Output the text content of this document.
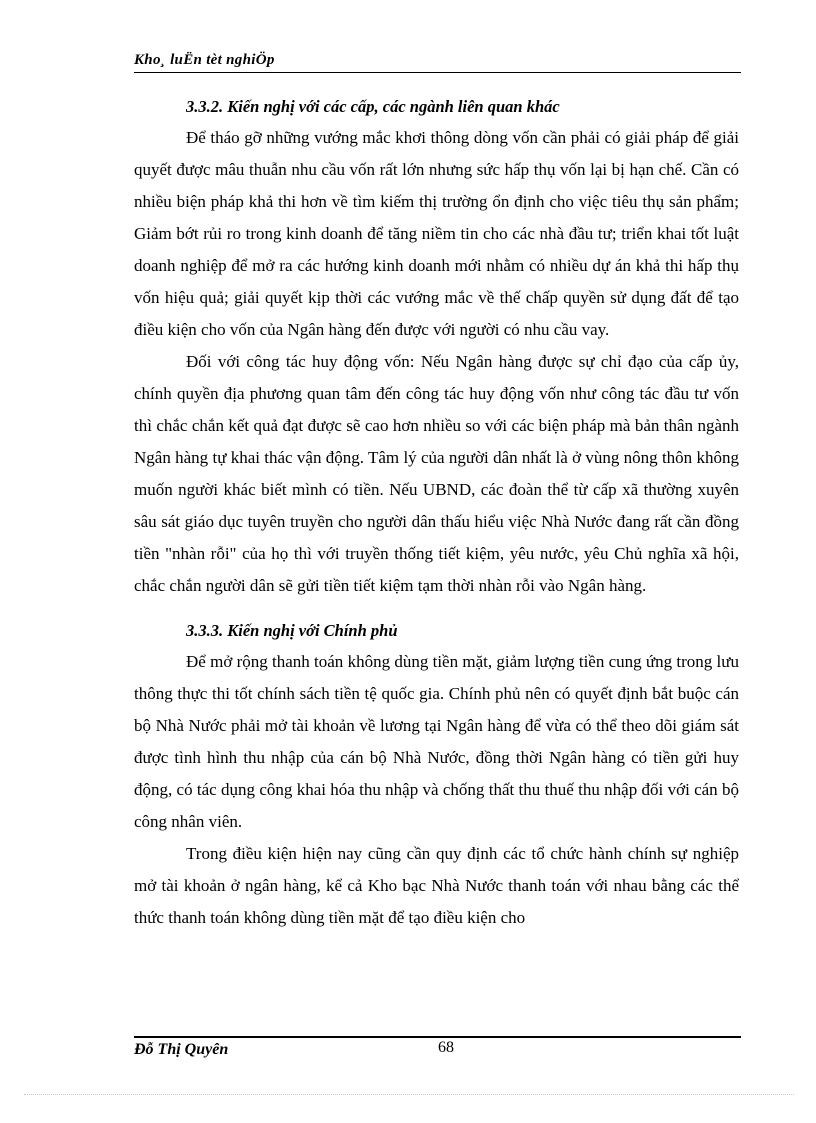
Kho¸ luËn tèt nghiÖp
3.3.2. Kiến nghị với các cấp, các ngành liên quan khác

Để tháo gỡ những vướng mắc khơi thông dòng vốn cần phải có giải pháp để giải quyết được mâu thuẫn nhu cầu vốn rất lớn nhưng sức hấp thụ vốn lại bị hạn chế. Cần có nhiều biện pháp khả thi hơn về tìm kiếm thị trường ổn định cho việc tiêu thụ sản phẩm; Giảm bớt rủi ro trong kinh doanh để tăng niềm tin cho các nhà đầu tư; triển khai tốt luật doanh nghiệp để mở ra các hướng kinh doanh mới nhằm có nhiều dự án khả thi hấp thụ vốn hiệu quả; giải quyết kịp thời các vướng mắc về thế chấp quyền sử dụng đất để tạo điều kiện cho vốn của Ngân hàng đến được với người có nhu cầu vay.

Đối với công tác huy động vốn: Nếu Ngân hàng được sự chỉ đạo của cấp ủy, chính quyền địa phương quan tâm đến công tác huy động vốn như công tác đầu tư vốn thì chắc chắn kết quả đạt được sẽ cao hơn nhiều so với các biện pháp mà bản thân ngành Ngân hàng tự khai thác vận động. Tâm lý của người dân nhất là ở vùng nông thôn không muốn người khác biết mình có tiền. Nếu UBND, các đoàn thể từ cấp xã thường xuyên sâu sát giáo dục tuyên truyền cho người dân thấu hiểu việc Nhà Nước đang rất cần đồng tiền "nhàn rỗi" của họ thì với truyền thống tiết kiệm, yêu nước, yêu Chủ nghĩa xã hội, chắc chắn người dân sẽ gửi tiền tiết kiệm tạm thời nhàn rỗi vào Ngân hàng.

3.3.3. Kiến nghị với Chính phủ

Để mở rộng thanh toán không dùng tiền mặt, giảm lượng tiền cung ứng trong lưu thông thực thi tốt chính sách tiền tệ quốc gia. Chính phủ nên có quyết định bắt buộc cán bộ Nhà Nước phải mở tài khoản về lương tại Ngân hàng để vừa có thể theo dõi giám sát được tình hình thu nhập của cán bộ Nhà Nước, đồng thời Ngân hàng có tiền gửi huy động, có tác dụng công khai hóa thu nhập và chống thất thu thuế thu nhập đối với cán bộ công nhân viên.

Trong điều kiện hiện nay cũng cần quy định các tổ chức hành chính sự nghiệp mở tài khoản ở ngân hàng, kể cả Kho bạc Nhà Nước thanh toán với nhau bằng các thể thức thanh toán không dùng tiền mặt để tạo điều kiện cho

Đỗ Thị Quyên	68
